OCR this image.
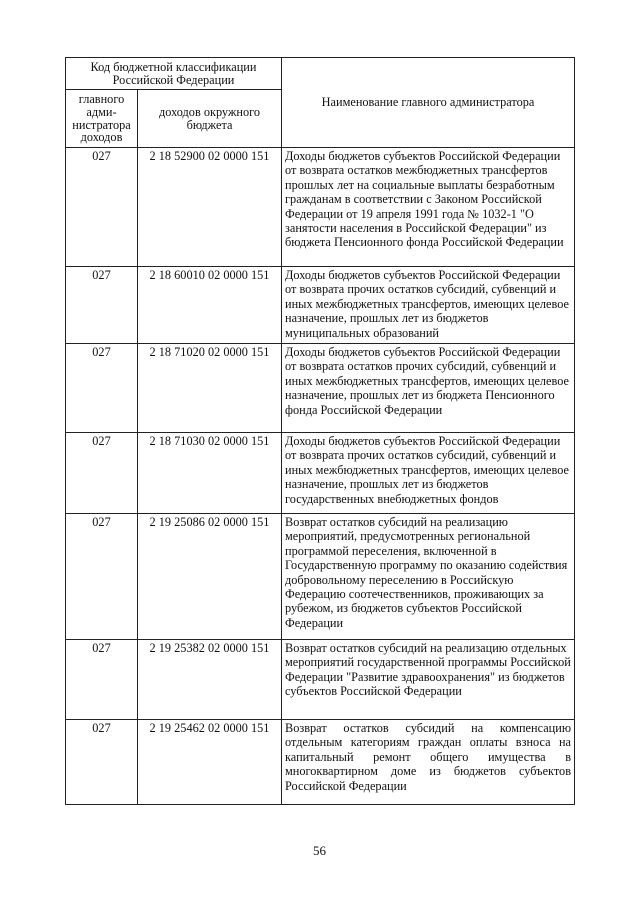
Код бюджетной классификации Российской Федерации		Наименование главного администратора
главного адми-нистратора доходов	доходов окружного бюджета	
027	2 18 52900 02 0000 151	Доходы бюджетов субъектов Российской Федерации от возврата остатков межбюджетных трансфертов прошлых лет на социальные выплаты безработным гражданам в соответствии с Законом Российской Федерации от 19 апреля 1991 года № 1032-1 "О занятости населения в Российской Федерации" из бюджета Пенсионного фонда Российской Федерации
027	2 18 60010 02 0000 151	Доходы бюджетов субъектов Российской Федерации от возврата прочих остатков субсидий, субвенций и иных межбюджетных трансфертов, имеющих целевое назначение, прошлых лет из бюджетов муниципальных образований
027	2 18 71020 02 0000 151	Доходы бюджетов субъектов Российской Федерации от возврата остатков прочих субсидий, субвенций и иных межбюджетных трансфертов, имеющих целевое назначение, прошлых лет из бюджета Пенсионного фонда Российской Федерации
027	2 18 71030 02 0000 151	Доходы бюджетов субъектов Российской Федерации от возврата прочих остатков субсидий, субвенций и иных межбюджетных трансфертов, имеющих целевое назначение, прошлых лет из бюджетов государственных внебюджетных фондов
027	2 19 25086 02 0000 151	Возврат остатков субсидий на реализацию мероприятий, предусмотренных региональной программой переселения, включенной в Государственную программу по оказанию содействия добровольному переселению в Российскую Федерацию соотечественников, проживающих за рубежом, из бюджетов субъектов Российской Федерации
027	2 19 25382 02 0000 151	Возврат остатков субсидий на реализацию отдельных мероприятий государственной программы Российской Федерации "Развитие здравоохранения" из бюджетов субъектов Российской Федерации
027	2 19 25462 02 0000 151	Возврат остатков субсидий на компенсацию отдельным категориям граждан оплаты взноса на капитальный ремонт общего имущества в многоквартирном доме из бюджетов субъектов Российской Федерации
56
